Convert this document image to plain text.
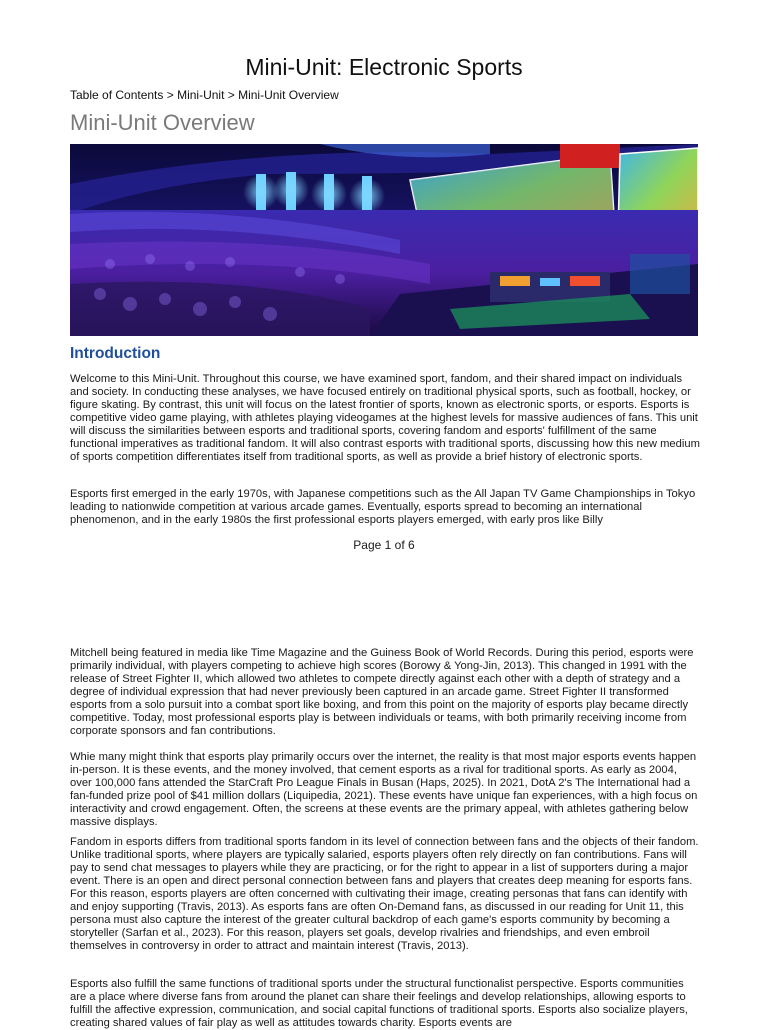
Mini-Unit: Electronic Sports
Table of Contents > Mini-Unit > Mini-Unit Overview
Mini-Unit Overview
Introduction

Welcome to this Mini-Unit. Throughout this course, we have examined sport, fandom, and their shared impact on individuals and society. In conducting these analyses, we have focused entirely on traditional physical sports, such as football, hockey, or figure skating. By contrast, this unit will focus on the latest frontier of sports, known as electronic sports, or esports. Esports is competitive video game playing, with athletes playing videogames at the highest levels for massive audiences of fans. This unit will discuss the similarities between esports and traditional sports, covering fandom and esports' fulfillment of the same functional imperatives as traditional fandom. It will also contrast esports with traditional sports, discussing how this new medium of sports competition differentiates itself from traditional sports, as well as provide a brief history of electronic sports.

Esports first emerged in the early 1970s, with Japanese competitions such as the All Japan TV Game Championships in Tokyo leading to nationwide competition at various arcade games. Eventually, esports spread to becoming an international phenomenon, and in the early 1980s the first professional esports players emerged, with early pros like Billy

Page 1 of 6

Mitchell being featured in media like Time Magazine and the Guiness Book of World Records. During this period, esports were primarily individual, with players competing to achieve high scores (Borowy & Yong-Jin, 2013). This changed in 1991 with the release of Street Fighter II, which allowed two athletes to compete directly against each other with a depth of strategy and a degree of individual expression that had never previously been captured in an arcade game. Street Fighter II transformed esports from a solo pursuit into a combat sport like boxing, and from this point on the majority of esports play became directly competitive. Today, most professional esports play is between individuals or teams, with both primarily receiving income from corporate sponsors and fan contributions.

Whie many might think that esports play primarily occurs over the internet, the reality is that most major esports events happen in-person. It is these events, and the money involved, that cement esports as a rival for traditional sports. As early as 2004, over 100,000 fans attended the StarCraft Pro League Finals in Busan (Haps, 2025). In 2021, DotA 2's The International had a fan-funded prize pool of $41 million dollars (Liquipedia, 2021). These events have unique fan experiences, with a high focus on interactivity and crowd engagement. Often, the screens at these events are the primary appeal, with athletes gathering below massive displays.

Fandom in esports differs from traditional sports fandom in its level of connection between fans and the objects of their fandom. Unlike traditional sports, where players are typically salaried, esports players often rely directly on fan contributions. Fans will pay to send chat messages to players while they are practicing, or for the right to appear in a list of supporters during a major event. There is an open and direct personal connection between fans and players that creates deep meaning for esports fans. For this reason, esports players are often concerned with cultivating their image, creating personas that fans can identify with and enjoy supporting (Travis, 2013). As esports fans are often On-Demand fans, as discussed in our reading for Unit 11, this persona must also capture the interest of the greater cultural backdrop of each game's esports community by becoming a storyteller (Sarfan et al., 2023). For this reason, players set goals, develop rivalries and friendships, and even embroil themselves in controversy in order to attract and maintain interest (Travis, 2013).

Esports also fulfill the same functions of traditional sports under the structural functionalist perspective. Esports communities are a place where diverse fans from around the planet can share their feelings and develop relationships, allowing esports to fulfill the affective expression, communication, and social capital functions of traditional sports. Esports also socialize players, creating shared values of fair play as well as attitudes towards charity. Esports events are
